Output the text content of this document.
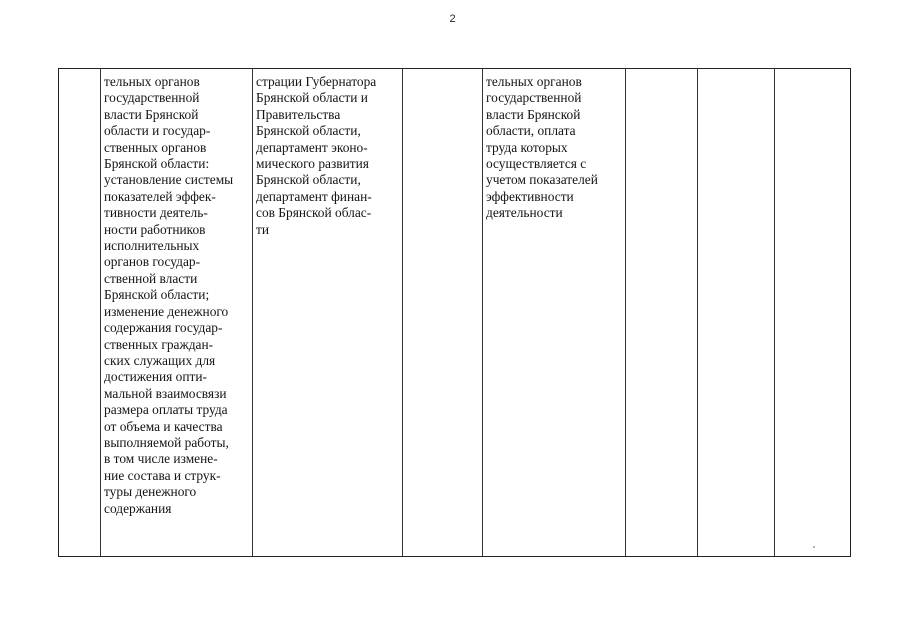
2
тельных органов
государственной
власти Брянской
области и государ-
ственных органов
Брянской области:
установление системы
показателей эффек-
тивности деятель-
ности работников
исполнительных
органов государ-
ственной власти
Брянской области;
изменение денежного
содержания государ-
ственных граждан-
ских служащих для
достижения опти-
мальной взаимосвязи
размера оплаты труда
от объема и качества
выполняемой работы,
в том числе измене-
ние состава и струк-
туры денежного
содержания
страции Губернатора
Брянской области и
Правительства
Брянской области,
департамент эконо-
мического развития
Брянской области,
департамент финан-
сов Брянской облас-
ти
тельных органов
государственной
власти Брянской
области, оплата
труда которых
осуществляется с
учетом показателей
эффективности
деятельности
